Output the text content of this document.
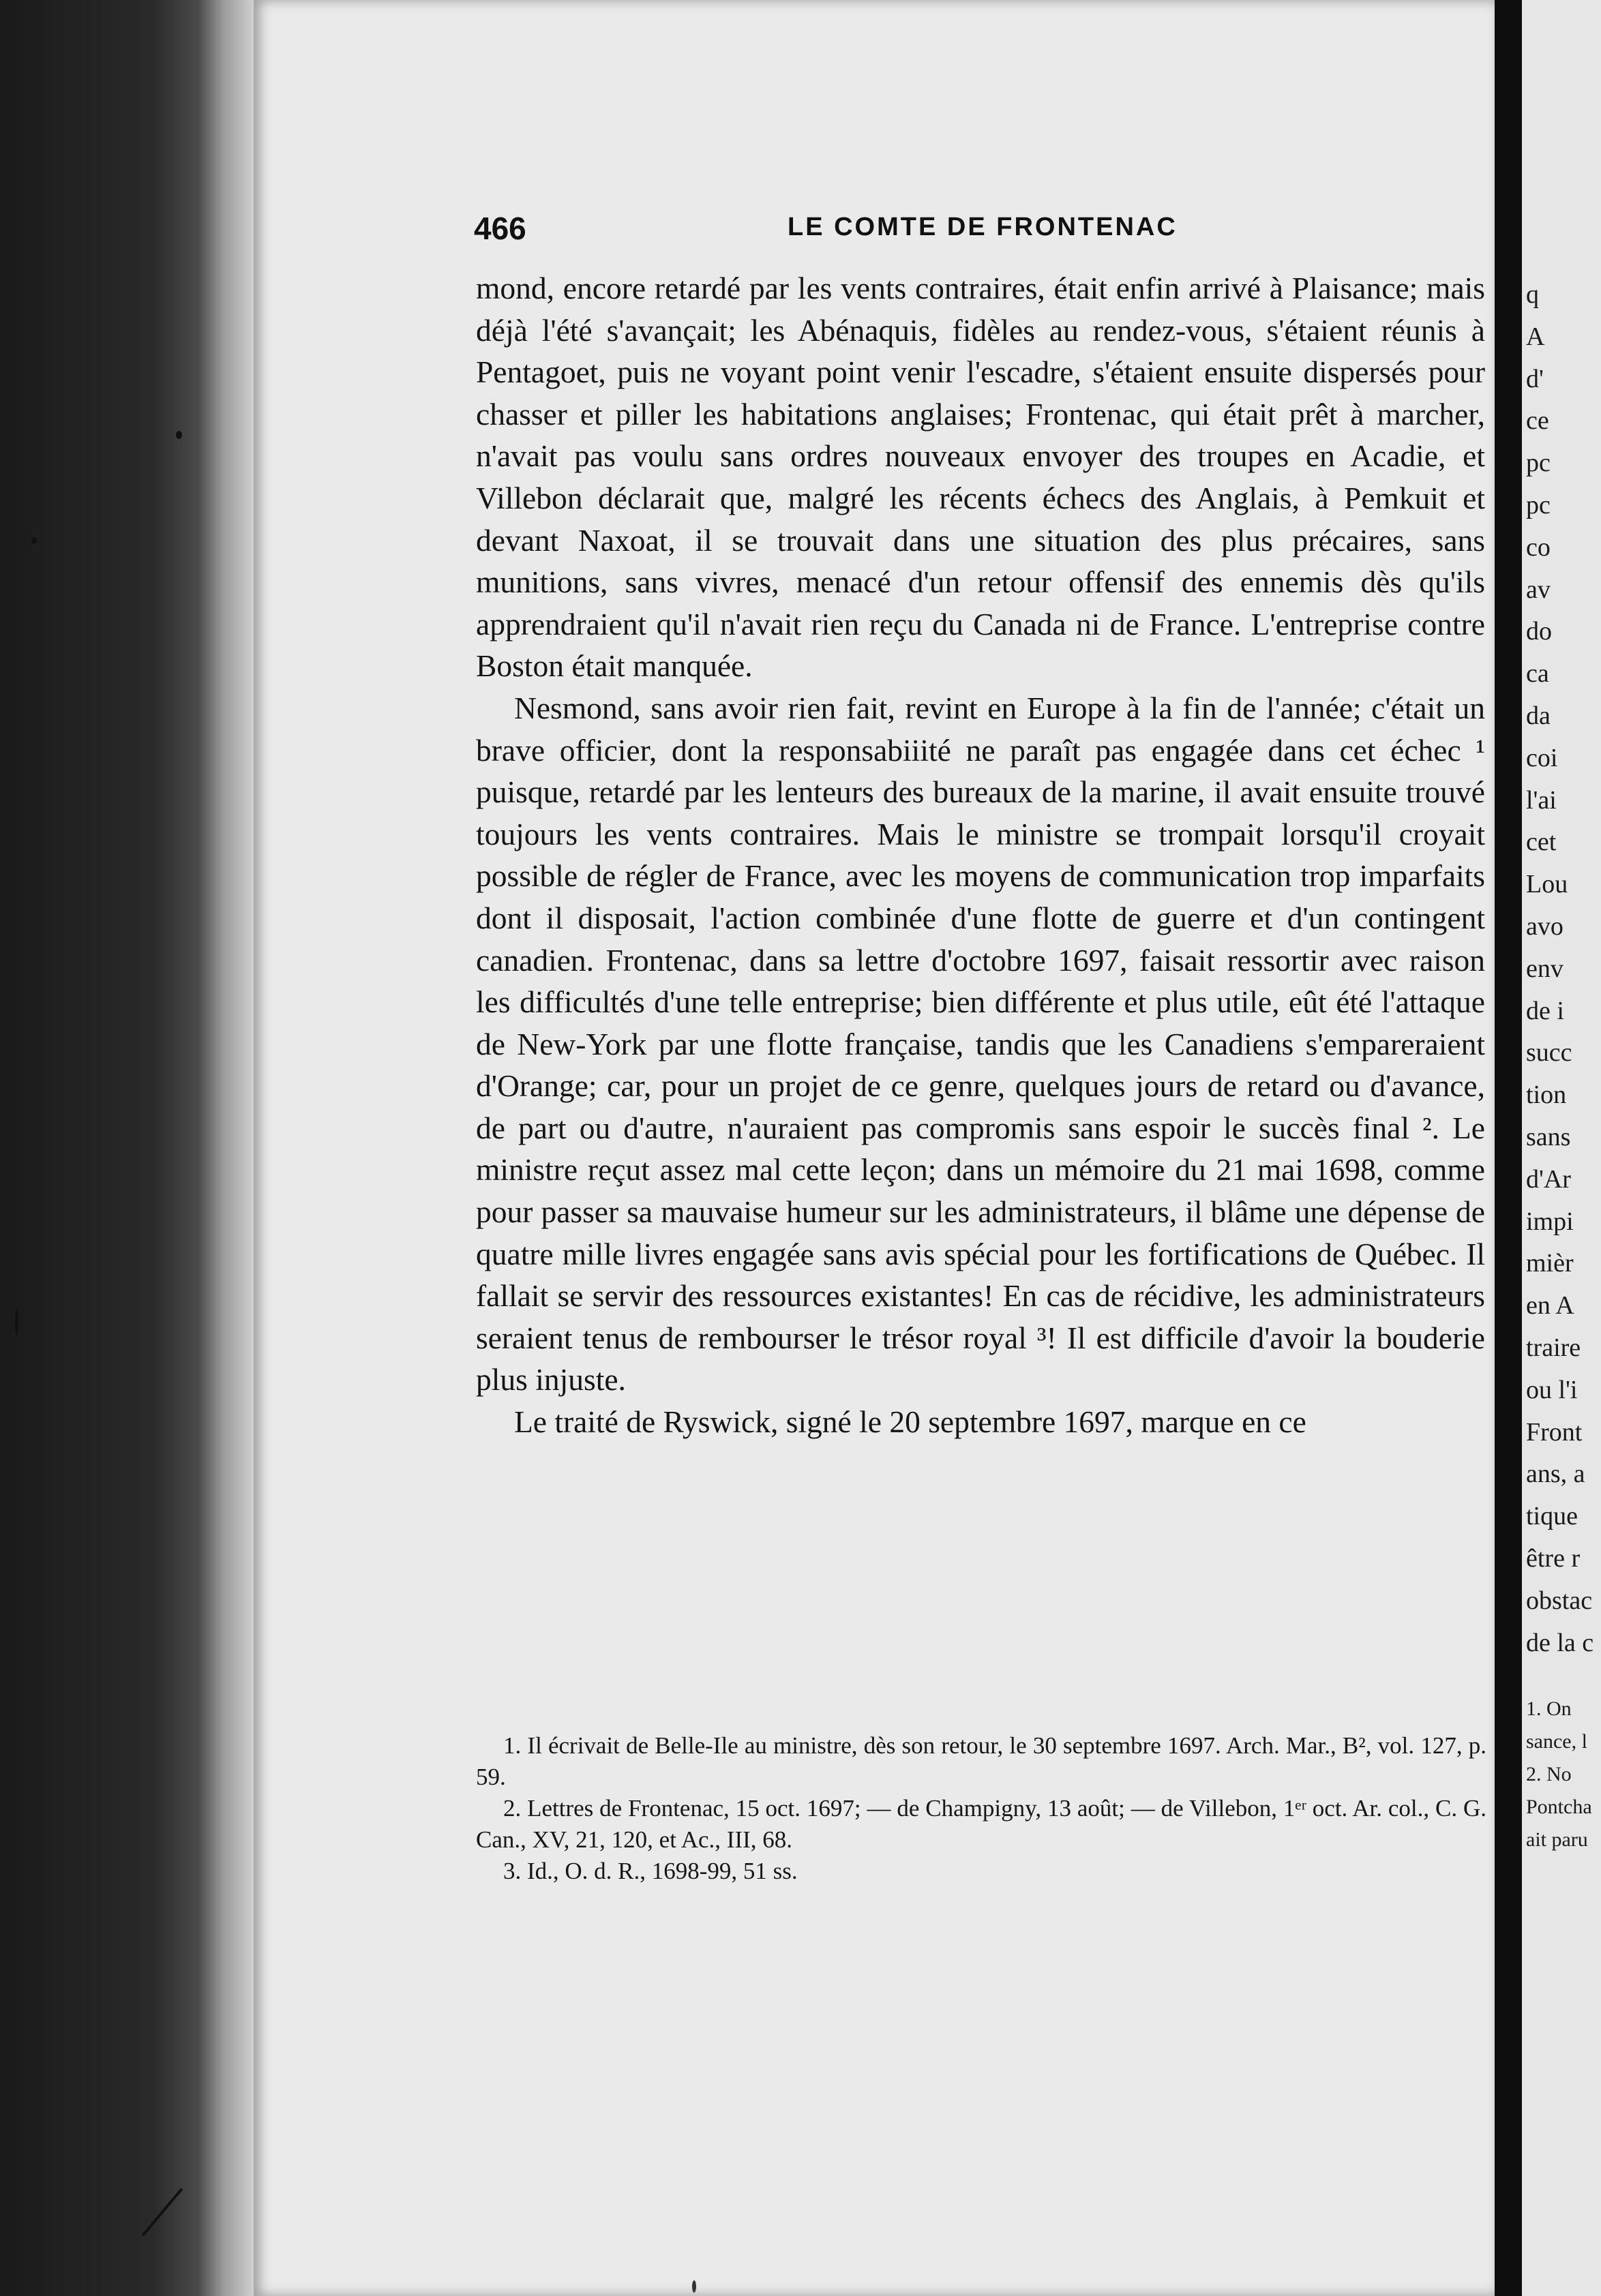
466	LE COMTE DE FRONTENAC

mond, encore retardé par les vents contraires, était enfin arrivé à Plaisance; mais déjà l'été s'avançait; les Abénaquis, fidèles au rendez-vous, s'étaient réunis à Pentagoet, puis ne voyant point venir l'escadre, s'étaient ensuite dispersés pour chasser et piller les habitations anglaises; Frontenac, qui était prêt à marcher, n'avait pas voulu sans ordres nouveaux envoyer des troupes en Acadie, et Villebon déclarait que, malgré les récents échecs des Anglais, à Pemkuit et devant Naxoat, il se trouvait dans une situation des plus précaires, sans munitions, sans vivres, menacé d'un retour offensif des ennemis dès qu'ils apprendraient qu'il n'avait rien reçu du Canada ni de France. L'entreprise contre Boston était manquée.

Nesmond, sans avoir rien fait, revint en Europe à la fin de l'année; c'était un brave officier, dont la responsabiiité ne paraît pas engagée dans cet échec ¹ puisque, retardé par les lenteurs des bureaux de la marine, il avait ensuite trouvé toujours les vents contraires. Mais le ministre se trompait lorsqu'il croyait possible de régler de France, avec les moyens de communication trop imparfaits dont il disposait, l'action combinée d'une flotte de guerre et d'un contingent canadien. Frontenac, dans sa lettre d'octobre 1697, faisait ressortir avec raison les difficultés d'une telle entreprise; bien différente et plus utile, eût été l'attaque de New-York par une flotte française, tandis que les Canadiens s'empareraient d'Orange; car, pour un projet de ce genre, quelques jours de retard ou d'avance, de part ou d'autre, n'auraient pas compromis sans espoir le succès final ². Le ministre reçut assez mal cette leçon; dans un mémoire du 21 mai 1698, comme pour passer sa mauvaise humeur sur les administrateurs, il blâme une dépense de quatre mille livres engagée sans avis spécial pour les fortifications de Québec. Il fallait se servir des ressources existantes! En cas de récidive, les administrateurs seraient tenus de rembourser le trésor royal ³! Il est difficile d'avoir la bouderie plus injuste.

Le traité de Ryswick, signé le 20 septembre 1697, marque en ce

1. Il écrivait de Belle-Ile au ministre, dès son retour, le 30 septembre 1697. Arch. Mar., B², vol. 127, p. 59.

2. Lettres de Frontenac, 15 oct. 1697; — de Champigny, 13 août; — de Villebon, 1ᵉʳ oct. Ar. col., C. G. Can., XV, 21, 120, et Ac., III, 68.

3. Id., O. d. R., 1698-99, 51 ss.

q
A
d'
ce
pc
pc
co
av
do
ca
da
coi
l'ai
cet
Lou
avo
env
de i
succ
tion
sans
d'Ar
impi
mièr
en A
traire
ou l'i
Front
ans, a
tique
être r
obstac
de la c
1. On
sance, l
2. No
Pontcha
ait paru
